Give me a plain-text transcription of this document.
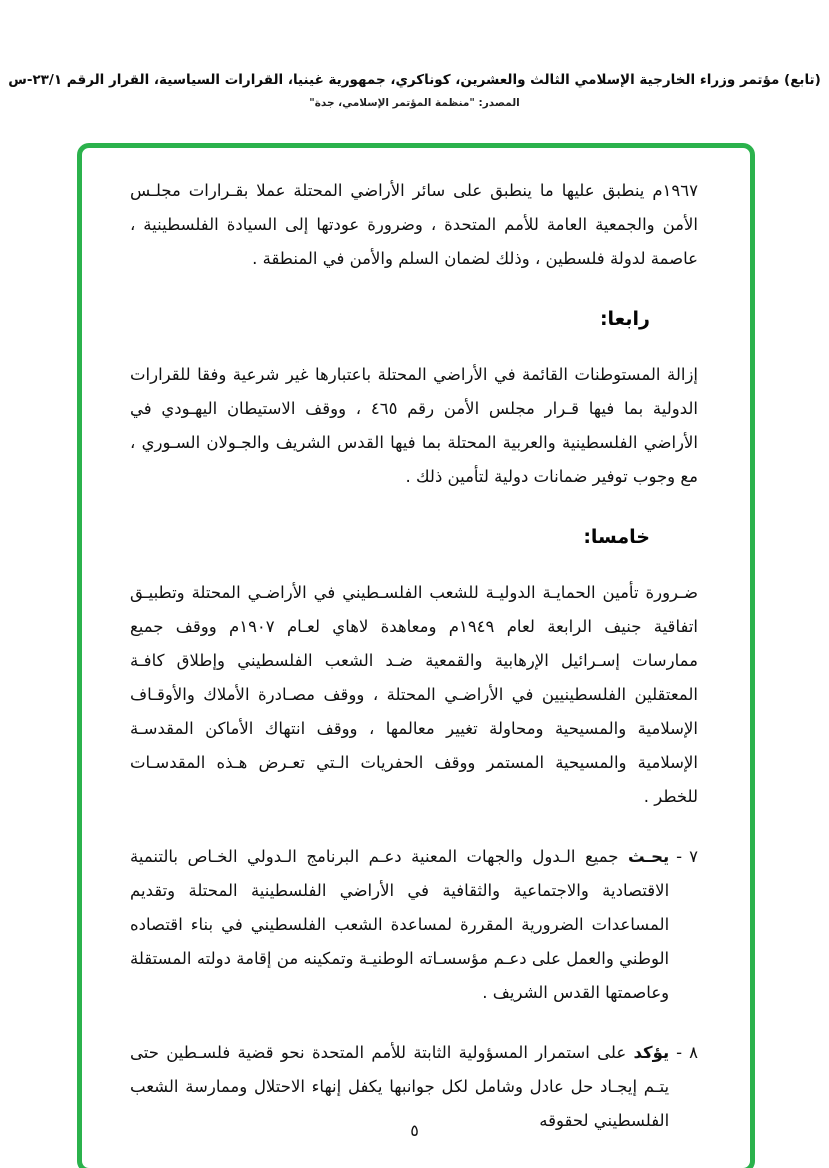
(تابع) مؤتمر وزراء الخارجية الإسلامي الثالث والعشرين، كوناكري، جمهورية غينيا، القرارات السياسية، القرار الرقم ٢٣/١-س
المصدر: "منظمة المؤتمر الإسلامي، جدة"

١٩٦٧م ينطبق عليها ما ينطبق على سائر الأراضي المحتلة عملا بقـرارات مجلـس الأمن والجمعية العامة للأمم المتحدة ، وضرورة عودتها إلى السيادة الفلسطينية ، عاصمة لدولة فلسطين ، وذلك لضمان السلم والأمن في المنطقة .

رابعا:

إزالة المستوطنات القائمة في الأراضي المحتلة باعتبارها غير شرعية وفقا للقرارات الدولية بما فيها قـرار مجلس الأمن رقم ٤٦٥ ، ووقف الاستيطان اليهـودي في الأراضي الفلسطينية والعربية المحتلة بما فيها القدس الشريف والجـولان السـوري ، مع وجوب توفير ضمانات دولية لتأمين ذلك .

خامسا:

ضـرورة تأمين الحمايـة الدوليـة للشعب الفلسـطيني في الأراضـي المحتلة وتطبيـق اتفاقية جنيف الرابعة لعام ١٩٤٩م ومعاهدة لاهاي لعـام ١٩٠٧م ووقف جميع ممارسات إسـرائيل الإرهابية والقمعية ضـد الشعب الفلسطيني وإطلاق كافـة المعتقلين الفلسطينيين في الأراضـي المحتلة ، ووقف مصـادرة الأملاك والأوقـاف الإسلامية والمسيحية ومحاولة تغيير معالمها ، ووقف انتهاك الأماكن المقدسـة الإسلامية والمسيحية المستمر ووقف الحفريات الـتي تعـرض هـذه المقدسـات للخطر .

٧
-

يحـث جميع الـدول والجهات المعنية دعـم البرنامج الـدولي الخـاص بالتنمية الاقتصادية والاجتماعية والثقافية في الأراضي الفلسطينية المحتلة وتقديم المساعدات الضرورية المقررة لمساعدة الشعب الفلسطيني في بناء اقتصاده الوطني والعمل على دعـم مؤسسـاته الوطنيـة وتمكينه من إقامة دولته المستقلة وعاصمتها القدس الشريف .

٨
-

يؤكد على استمرار المسؤولية الثابتة للأمم المتحدة نحو قضية فلسـطين حتى يتـم إيجـاد حل عادل وشامل لكل جوانبها يكفل إنهاء الاحتلال وممارسة الشعب الفلسطيني لحقوقه

٥
